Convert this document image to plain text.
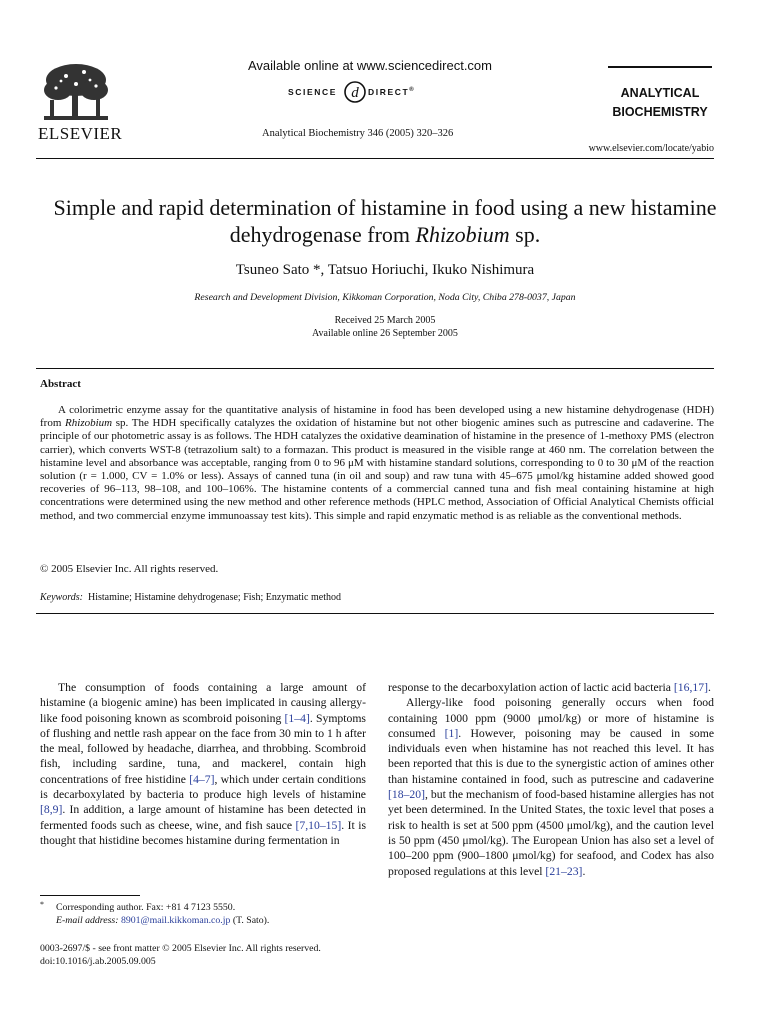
ELSEVIER
Available online at www.sciencedirect.com
SCIENCE d DIRECT®
Analytical Biochemistry 346 (2005) 320–326
ANALYTICAL
BIOCHEMISTRY
www.elsevier.com/locate/yabio
Simple and rapid determination of histamine in food using a new histamine dehydrogenase from Rhizobium sp.
Tsuneo Sato *, Tatsuo Horiuchi, Ikuko Nishimura
Research and Development Division, Kikkoman Corporation, Noda City, Chiba 278-0037, Japan
Received 25 March 2005
Available online 26 September 2005
Abstract
A colorimetric enzyme assay for the quantitative analysis of histamine in food has been developed using a new histamine dehydrogenase (HDH) from Rhizobium sp. The HDH specifically catalyzes the oxidation of histamine but not other biogenic amines such as putrescine and cadaverine. The principle of our photometric assay is as follows. The HDH catalyzes the oxidative deamination of histamine in the presence of 1-methoxy PMS (electron carrier), which converts WST-8 (tetrazolium salt) to a formazan. This product is measured in the visible range at 460 nm. The correlation between the histamine level and absorbance was acceptable, ranging from 0 to 96 μM with histamine standard solutions, corresponding to 0 to 30 μM of the reaction solution (r = 1.000, CV = 1.0% or less). Assays of canned tuna (in oil and soup) and raw tuna with 45–675 μmol/kg histamine added showed good recoveries of 96–113, 98–108, and 100–106%. The histamine contents of a commercial canned tuna and fish meal containing histamine at high concentrations were determined using the new method and other reference methods (HPLC method, Association of Official Analytical Chemists official method, and two commercial enzyme immunoassay test kits). This simple and rapid enzymatic method is as reliable as the conventional methods.
© 2005 Elsevier Inc. All rights reserved.
Keywords: Histamine; Histamine dehydrogenase; Fish; Enzymatic method

The consumption of foods containing a large amount of histamine (a biogenic amine) has been implicated in causing allergy-like food poisoning known as scombroid poisoning [1–4]. Symptoms of flushing and nettle rash appear on the face from 30 min to 1 h after the meal, followed by headache, diarrhea, and throbbing. Scombroid fish, including sardine, tuna, and mackerel, contain high concentrations of free histidine [4–7], which under certain conditions is decarboxylated by bacteria to produce high levels of histamine [8,9]. In addition, a large amount of histamine has been detected in fermented foods such as cheese, wine, and fish sauce [7,10–15]. It is thought that histidine becomes histamine during fermentation in

response to the decarboxylation action of lactic acid bacteria [16,17].

Allergy-like food poisoning generally occurs when food containing 1000 ppm (9000 μmol/kg) or more of histamine is consumed [1]. However, poisoning may be caused in some individuals even when histamine has not reached this level. It has been reported that this is due to the synergistic action of amines other than histamine contained in food, such as putrescine and cadaverine [18–20], but the mechanism of food-based histamine allergies has not yet been determined. In the United States, the toxic level that poses a risk to health is set at 500 ppm (4500 μmol/kg), and the caution level is 50 ppm (450 μmol/kg). The European Union has also set a level of 100–200 ppm (900–1800 μmol/kg) for seafood, and Codex has also proposed regulations at this level [21–23].

*	Corresponding author. Fax: +81 4 7123 5550.
E-mail address: 8901@mail.kikkoman.co.jp (T. Sato).
0003-2697/$ - see front matter © 2005 Elsevier Inc. All rights reserved.
doi:10.1016/j.ab.2005.09.005
